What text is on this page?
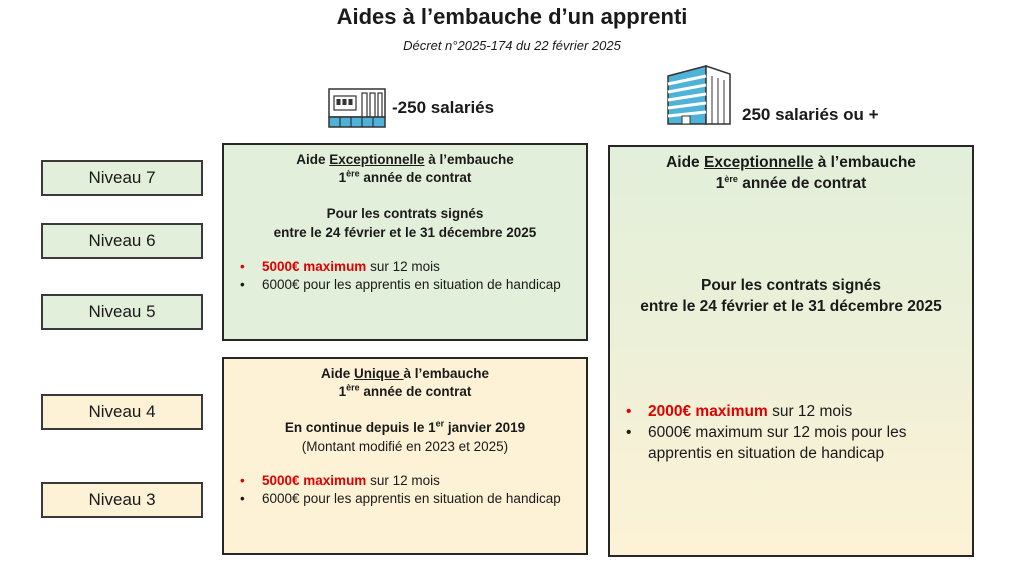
Aides à l’embauche d’un apprenti
Décret n°2025-174 du 22 février 2025
-250 salariés	250 salariés ou +
Niveau 7
Niveau 6
Niveau 5
Niveau 4
Niveau 3
Aide Exceptionnelle à l’embauche
1ère année de contrat
Pour les contrats signés
entre le 24 février et le 31 décembre 2025
• 5000€ maximum sur 12 mois
• 6000€ pour les apprentis en situation de handicap
Aide Unique à l’embauche
1ère année de contrat
En continue depuis le 1er janvier 2019
(Montant modifié en 2023 et 2025)
• 5000€ maximum sur 12 mois
• 6000€ pour les apprentis en situation de handicap
Aide Exceptionnelle à l’embauche
1ère année de contrat
Pour les contrats signés
entre le 24 février et le 31 décembre 2025
• 2000€ maximum sur 12 mois
• 6000€ maximum sur 12 mois pour les apprentis en situation de handicap
